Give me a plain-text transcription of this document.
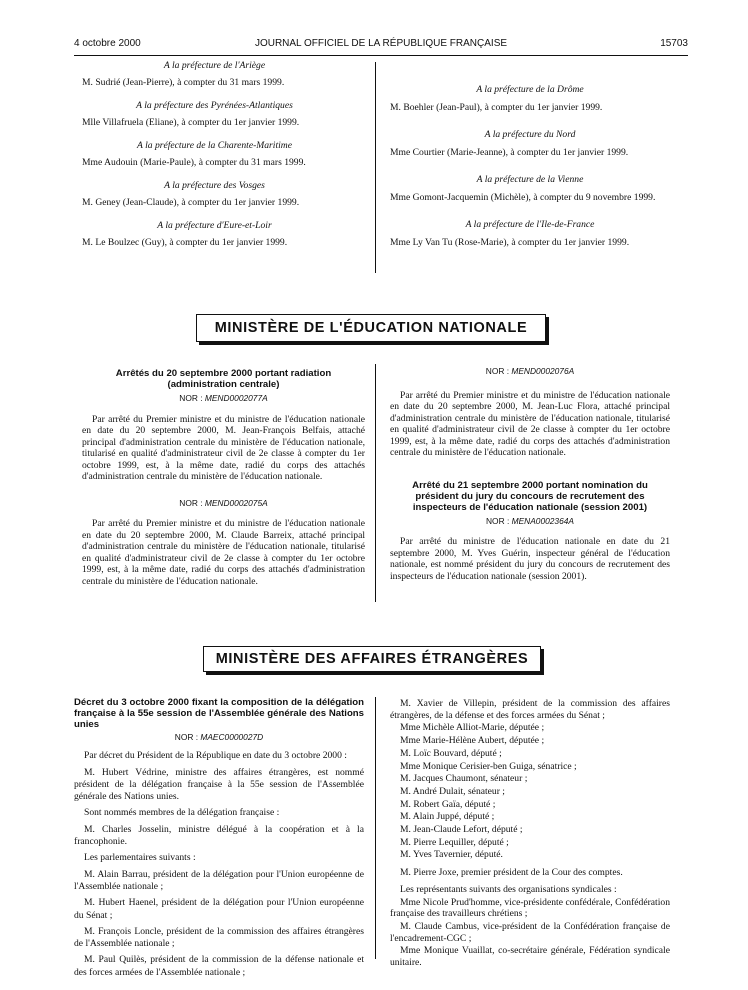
4 octobre 2000	JOURNAL OFFICIEL DE LA RÉPUBLIQUE FRANÇAISE	15703

A la préfecture de l'Ariège

M. Sudrié (Jean-Pierre), à compter du 31 mars 1999.

A la préfecture des Pyrénées-Atlantiques

Mlle Villafruela (Eliane), à compter du 1er janvier 1999.

A la préfecture de la Charente-Maritime

Mme Audouin (Marie-Paule), à compter du 31 mars 1999.

A la préfecture des Vosges

M. Geney (Jean-Claude), à compter du 1er janvier 1999.

A la préfecture d'Eure-et-Loir

M. Le Boulzec (Guy), à compter du 1er janvier 1999.

A la préfecture de la Drôme

M. Boehler (Jean-Paul), à compter du 1er janvier 1999.

A la préfecture du Nord

Mme Courtier (Marie-Jeanne), à compter du 1er janvier 1999.

A la préfecture de la Vienne

Mme Gomont-Jacquemin (Michèle), à compter du 9 novembre 1999.

A la préfecture de l'Ile-de-France

Mme Ly Van Tu (Rose-Marie), à compter du 1er janvier 1999.

MINISTÈRE DE L'ÉDUCATION NATIONALE

Arrêtés du 20 septembre 2000 portant radiation (administration centrale)

NOR : MEND0002077A

Par arrêté du Premier ministre et du ministre de l'éducation nationale en date du 20 septembre 2000, M. Jean-François Belfais, attaché principal d'administration centrale du ministère de l'éducation nationale, titularisé en qualité d'administrateur civil de 2e classe à compter du 1er octobre 1999, est, à la même date, radié du corps des attachés d'administration centrale du ministère de l'éducation nationale.

NOR : MEND0002075A

Par arrêté du Premier ministre et du ministre de l'éducation nationale en date du 20 septembre 2000, M. Claude Barreix, attaché principal d'administration centrale du ministère de l'éducation nationale, titularisé en qualité d'administrateur civil de 2e classe à compter du 1er octobre 1999, est, à la même date, radié du corps des attachés d'administration centrale du ministère de l'éducation nationale.

NOR : MEND0002076A

Par arrêté du Premier ministre et du ministre de l'éducation nationale en date du 20 septembre 2000, M. Jean-Luc Flora, attaché principal d'administration centrale du ministère de l'éducation nationale, titularisé en qualité d'administrateur civil de 2e classe à compter du 1er octobre 1999, est, à la même date, radié du corps des attachés d'administration centrale du ministère de l'éducation nationale.

Arrêté du 21 septembre 2000 portant nomination du président du jury du concours de recrutement des inspecteurs de l'éducation nationale (session 2001)

NOR : MENA0002364A

Par arrêté du ministre de l'éducation nationale en date du 21 septembre 2000, M. Yves Guérin, inspecteur général de l'éducation nationale, est nommé président du jury du concours de recrutement des inspecteurs de l'éducation nationale (session 2001).

MINISTÈRE DES AFFAIRES ÉTRANGÈRES

Décret du 3 octobre 2000 fixant la composition de la délégation française à la 55e session de l'Assemblée générale des Nations unies

NOR : MAEC0000027D

Par décret du Président de la République en date du 3 octobre 2000 :

M. Hubert Védrine, ministre des affaires étrangères, est nommé président de la délégation française à la 55e session de l'Assemblée générale des Nations unies.

Sont nommés membres de la délégation française :

M. Charles Josselin, ministre délégué à la coopération et à la francophonie.

Les parlementaires suivants :

M. Alain Barrau, président de la délégation pour l'Union européenne de l'Assemblée nationale ;

M. Hubert Haenel, président de la délégation pour l'Union européenne du Sénat ;

M. François Loncle, président de la commission des affaires étrangères de l'Assemblée nationale ;

M. Paul Quilès, président de la commission de la défense nationale et des forces armées de l'Assemblée nationale ;

M. Xavier de Villepin, président de la commission des affaires étrangères, de la défense et des forces armées du Sénat ;

Mme Michèle Alliot-Marie, députée ;

Mme Marie-Hélène Aubert, députée ;

M. Loïc Bouvard, député ;

Mme Monique Cerisier-ben Guiga, sénatrice ;

M. Jacques Chaumont, sénateur ;

M. André Dulait, sénateur ;

M. Robert Gaïa, député ;

M. Alain Juppé, député ;

M. Jean-Claude Lefort, député ;

M. Pierre Lequiller, député ;

M. Yves Tavernier, député.

M. Pierre Joxe, premier président de la Cour des comptes.

Les représentants suivants des organisations syndicales :

Mme Nicole Prud'homme, vice-présidente confédérale, Confédération française des travailleurs chrétiens ;

M. Claude Cambus, vice-président de la Confédération française de l'encadrement-CGC ;

Mme Monique Vuaillat, co-secrétaire générale, Fédération syndicale unitaire.
